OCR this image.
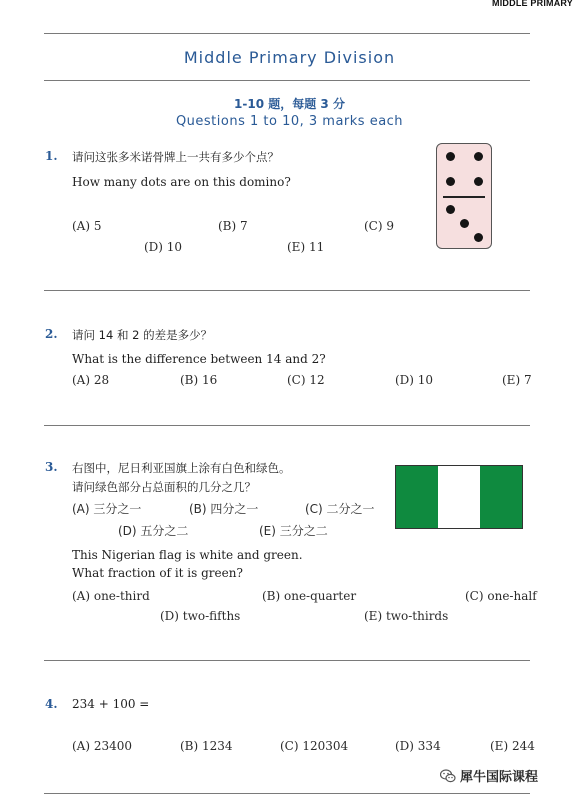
MIDDLE PRIMARY
Middle Primary Division
1-10 题，每题 3 分
Questions 1 to 10, 3 marks each
1. 请问这张多米诺骨牌上一共有多少个点？
How many dots are on this domino?
(A) 5	(B) 7	(C) 9
(D) 10	(E) 11
2. 请问 14 和 2 的差是多少？
What is the difference between 14 and 2?
(A) 28	(B) 16	(C) 12	(D) 10	(E) 7
3. 右图中，尼日利亚国旗上涂有白色和绿色。
请问绿色部分占总面积的几分之几？
(A) 三分之一	(B) 四分之一	(C) 二分之一
(D) 五分之二	(E) 三分之二
This Nigerian flag is white and green.
What fraction of it is green?
(A) one-third	(B) one-quarter	(C) one-half
(D) two-fifths	(E) two-thirds
4. 234 + 100 =
(A) 23400	(B) 1234	(C) 120304	(D) 334	(E) 244
犀牛国际课程
